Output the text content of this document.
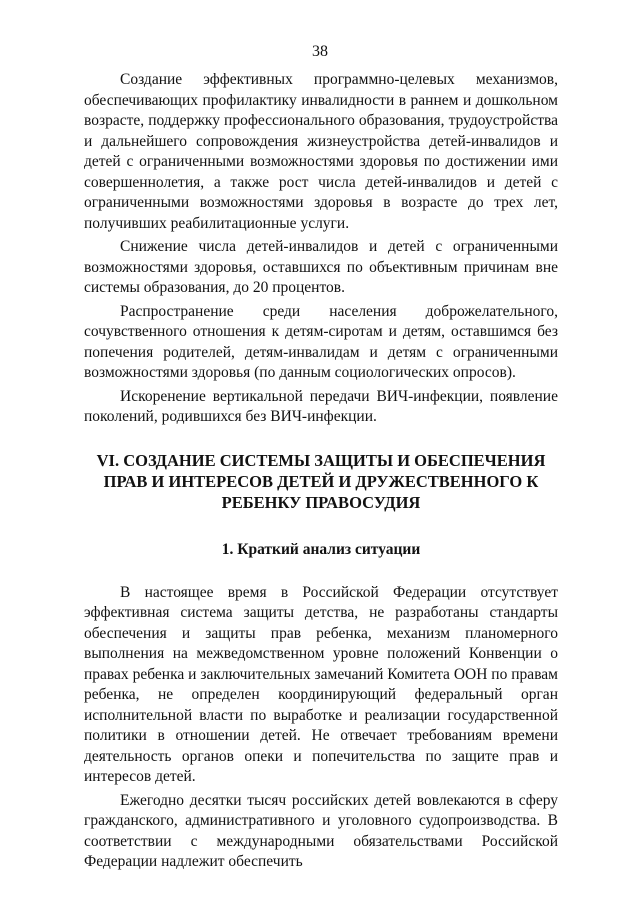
38

Создание эффективных программно-целевых механизмов, обеспечивающих профилактику инвалидности в раннем и дошкольном возрасте, поддержку профессионального образования, трудоустройства и дальнейшего сопровождения жизнеустройства детей-инвалидов и детей с ограниченными возможностями здоровья по достижении ими совершеннолетия, а также рост числа детей-инвалидов и детей с ограниченными возможностями здоровья в возрасте до трех лет, получивших реабилитационные услуги.

Снижение числа детей-инвалидов и детей с ограниченными возможностями здоровья, оставшихся по объективным причинам вне системы образования, до 20 процентов.

Распространение среди населения доброжелательного, сочувственного отношения к детям-сиротам и детям, оставшимся без попечения родителей, детям-инвалидам и детям с ограниченными возможностями здоровья (по данным социологических опросов).

Искоренение вертикальной передачи ВИЧ-инфекции, появление поколений, родившихся без ВИЧ-инфекции.

VI. СОЗДАНИЕ СИСТЕМЫ ЗАЩИТЫ И ОБЕСПЕЧЕНИЯ ПРАВ И ИНТЕРЕСОВ ДЕТЕЙ И ДРУЖЕСТВЕННОГО К РЕБЕНКУ ПРАВОСУДИЯ
1. Краткий анализ ситуации

В настоящее время в Российской Федерации отсутствует эффективная система защиты детства, не разработаны стандарты обеспечения и защиты прав ребенка, механизм планомерного выполнения на межведомственном уровне положений Конвенции о правах ребенка и заключительных замечаний Комитета ООН по правам ребенка, не определен координирующий федеральный орган исполнительной власти по выработке и реализации государственной политики в отношении детей. Не отвечает требованиям времени деятельность органов опеки и попечительства по защите прав и интересов детей.

Ежегодно десятки тысяч российских детей вовлекаются в сферу гражданского, административного и уголовного судопроизводства. В соответствии с международными обязательствами Российской Федерации надлежит обеспечить
